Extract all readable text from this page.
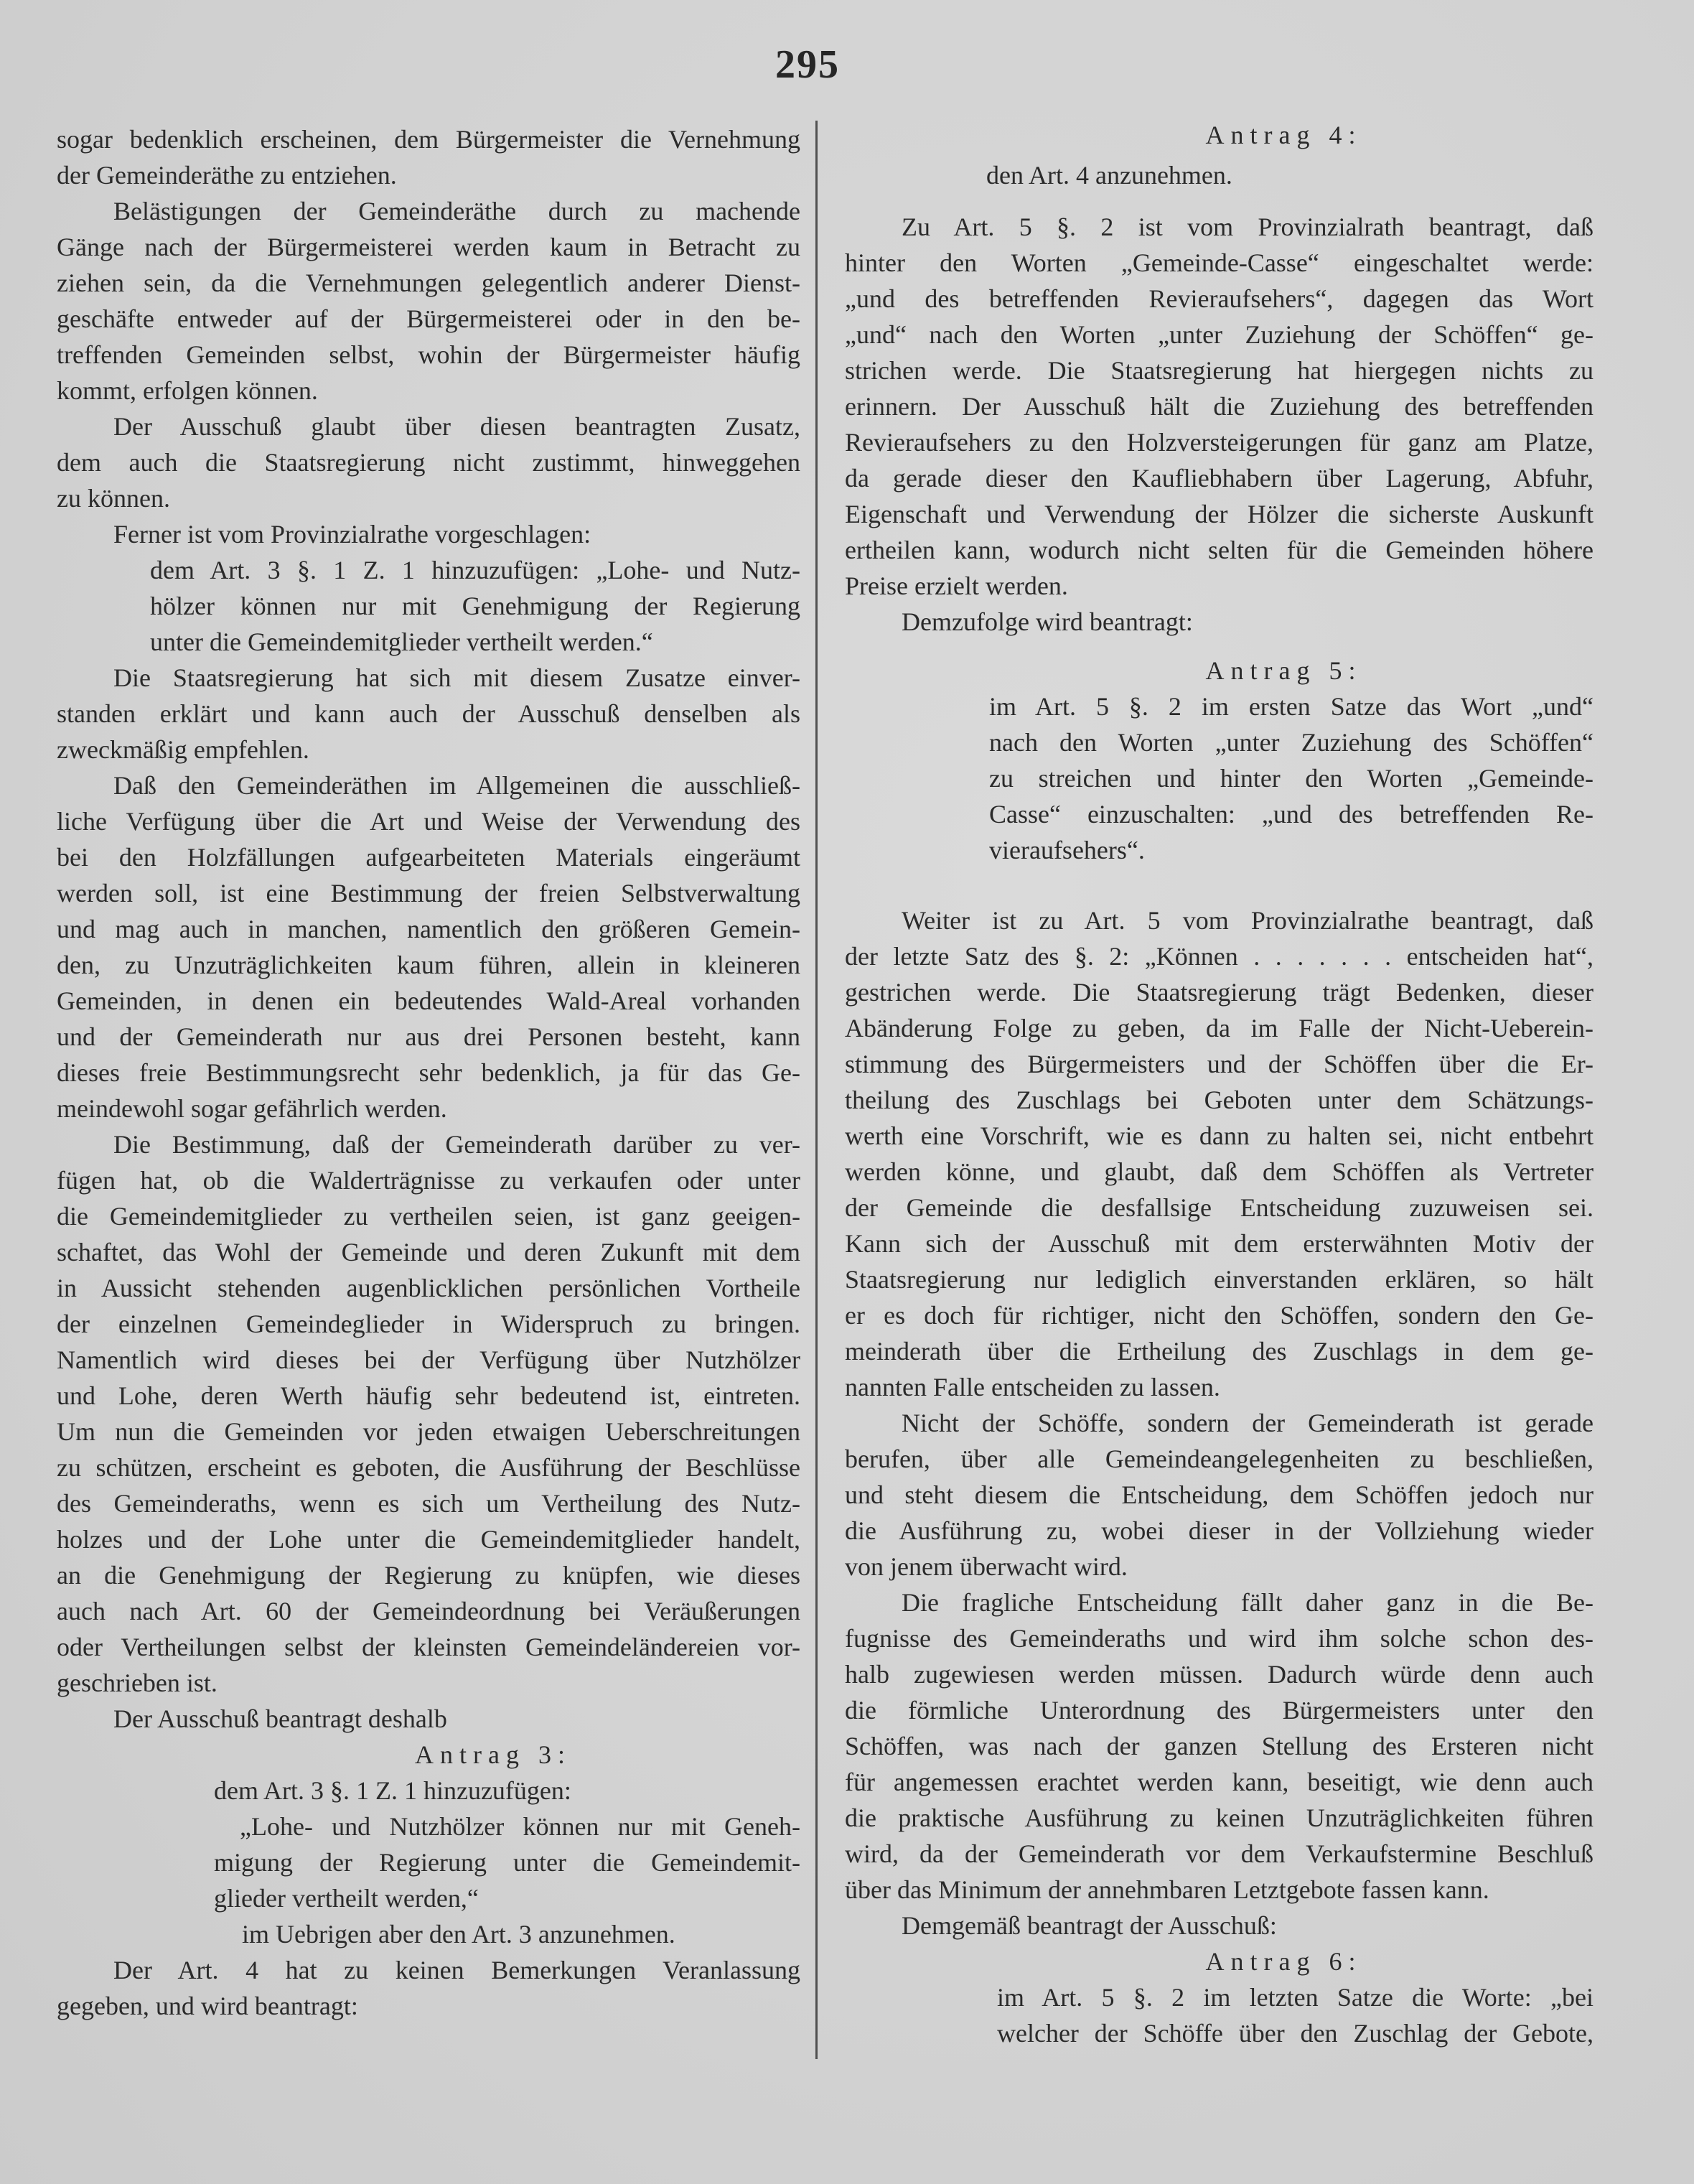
295
sogar bedenklich erscheinen, dem Bürgermeister die Vernehmung
der Gemeinderäthe zu entziehen.
Belästigungen der Gemeinderäthe durch zu machende
Gänge nach der Bürgermeisterei werden kaum in Betracht zu
ziehen sein, da die Vernehmungen gelegentlich anderer Dienst-
geschäfte entweder auf der Bürgermeisterei oder in den be-
treffenden Gemeinden selbst, wohin der Bürgermeister häufig
kommt, erfolgen können.
Der Ausschuß glaubt über diesen beantragten Zusatz,
dem auch die Staatsregierung nicht zustimmt, hinweggehen
zu können.
Ferner ist vom Provinzialrathe vorgeschlagen:
dem Art. 3 §. 1 Z. 1 hinzuzufügen: „Lohe- und Nutz-
hölzer können nur mit Genehmigung der Regierung
unter die Gemeindemitglieder vertheilt werden.“
Die Staatsregierung hat sich mit diesem Zusatze einver-
standen erklärt und kann auch der Ausschuß denselben als
zweckmäßig empfehlen.
Daß den Gemeinderäthen im Allgemeinen die ausschließ-
liche Verfügung über die Art und Weise der Verwendung des
bei den Holzfällungen aufgearbeiteten Materials eingeräumt
werden soll, ist eine Bestimmung der freien Selbstverwaltung
und mag auch in manchen, namentlich den größeren Gemein-
den, zu Unzuträglichkeiten kaum führen, allein in kleineren
Gemeinden, in denen ein bedeutendes Wald-Areal vorhanden
und der Gemeinderath nur aus drei Personen besteht, kann
dieses freie Bestimmungsrecht sehr bedenklich, ja für das Ge-
meindewohl sogar gefährlich werden.
Die Bestimmung, daß der Gemeinderath darüber zu ver-
fügen hat, ob die Walderträgnisse zu verkaufen oder unter
die Gemeindemitglieder zu vertheilen seien, ist ganz geeigen-
schaftet, das Wohl der Gemeinde und deren Zukunft mit dem
in Aussicht stehenden augenblicklichen persönlichen Vortheile
der einzelnen Gemeindeglieder in Widerspruch zu bringen.
Namentlich wird dieses bei der Verfügung über Nutzhölzer
und Lohe, deren Werth häufig sehr bedeutend ist, eintreten.
Um nun die Gemeinden vor jeden etwaigen Ueberschreitungen
zu schützen, erscheint es geboten, die Ausführung der Beschlüsse
des Gemeinderaths, wenn es sich um Vertheilung des Nutz-
holzes und der Lohe unter die Gemeindemitglieder handelt,
an die Genehmigung der Regierung zu knüpfen, wie dieses
auch nach Art. 60 der Gemeindeordnung bei Veräußerungen
oder Vertheilungen selbst der kleinsten Gemeindeländereien vor-
geschrieben ist.
Der Ausschuß beantragt deshalb
Antrag 3:
dem Art. 3 §. 1 Z. 1 hinzuzufügen:
„Lohe- und Nutzhölzer können nur mit Geneh-
migung der Regierung unter die Gemeindemit-
glieder vertheilt werden,“
im Uebrigen aber den Art. 3 anzunehmen.
Der Art. 4 hat zu keinen Bemerkungen Veranlassung
gegeben, und wird beantragt:
Antrag 4:
den Art. 4 anzunehmen.
Zu Art. 5 §. 2 ist vom Provinzialrath beantragt, daß
hinter den Worten „Gemeinde-Casse“ eingeschaltet werde:
„und des betreffenden Revieraufsehers“, dagegen das Wort
„und“ nach den Worten „unter Zuziehung der Schöffen“ ge-
strichen werde. Die Staatsregierung hat hiergegen nichts zu
erinnern. Der Ausschuß hält die Zuziehung des betreffenden
Revieraufsehers zu den Holzversteigerungen für ganz am Platze,
da gerade dieser den Kaufliebhabern über Lagerung, Abfuhr,
Eigenschaft und Verwendung der Hölzer die sicherste Auskunft
ertheilen kann, wodurch nicht selten für die Gemeinden höhere
Preise erzielt werden.
Demzufolge wird beantragt:
Antrag 5:
im Art. 5 §. 2 im ersten Satze das Wort „und“
nach den Worten „unter Zuziehung des Schöffen“
zu streichen und hinter den Worten „Gemeinde-
Casse“ einzuschalten: „und des betreffenden Re-
vieraufsehers“.
Weiter ist zu Art. 5 vom Provinzialrathe beantragt, daß
der letzte Satz des §. 2: „Können . . . . . . . entscheiden hat“,
gestrichen werde. Die Staatsregierung trägt Bedenken, dieser
Abänderung Folge zu geben, da im Falle der Nicht-Ueberein-
stimmung des Bürgermeisters und der Schöffen über die Er-
theilung des Zuschlags bei Geboten unter dem Schätzungs-
werth eine Vorschrift, wie es dann zu halten sei, nicht entbehrt
werden könne, und glaubt, daß dem Schöffen als Vertreter
der Gemeinde die desfallsige Entscheidung zuzuweisen sei.
Kann sich der Ausschuß mit dem ersterwähnten Motiv der
Staatsregierung nur lediglich einverstanden erklären, so hält
er es doch für richtiger, nicht den Schöffen, sondern den Ge-
meinderath über die Ertheilung des Zuschlags in dem ge-
nannten Falle entscheiden zu lassen.
Nicht der Schöffe, sondern der Gemeinderath ist gerade
berufen, über alle Gemeindeangelegenheiten zu beschließen,
und steht diesem die Entscheidung, dem Schöffen jedoch nur
die Ausführung zu, wobei dieser in der Vollziehung wieder
von jenem überwacht wird.
Die fragliche Entscheidung fällt daher ganz in die Be-
fugnisse des Gemeinderaths und wird ihm solche schon des-
halb zugewiesen werden müssen. Dadurch würde denn auch
die förmliche Unterordnung des Bürgermeisters unter den
Schöffen, was nach der ganzen Stellung des Ersteren nicht
für angemessen erachtet werden kann, beseitigt, wie denn auch
die praktische Ausführung zu keinen Unzuträglichkeiten führen
wird, da der Gemeinderath vor dem Verkaufstermine Beschluß
über das Minimum der annehmbaren Letztgebote fassen kann.
Demgemäß beantragt der Ausschuß:
Antrag 6:
im Art. 5 §. 2 im letzten Satze die Worte: „bei
welcher der Schöffe über den Zuschlag der Gebote,
